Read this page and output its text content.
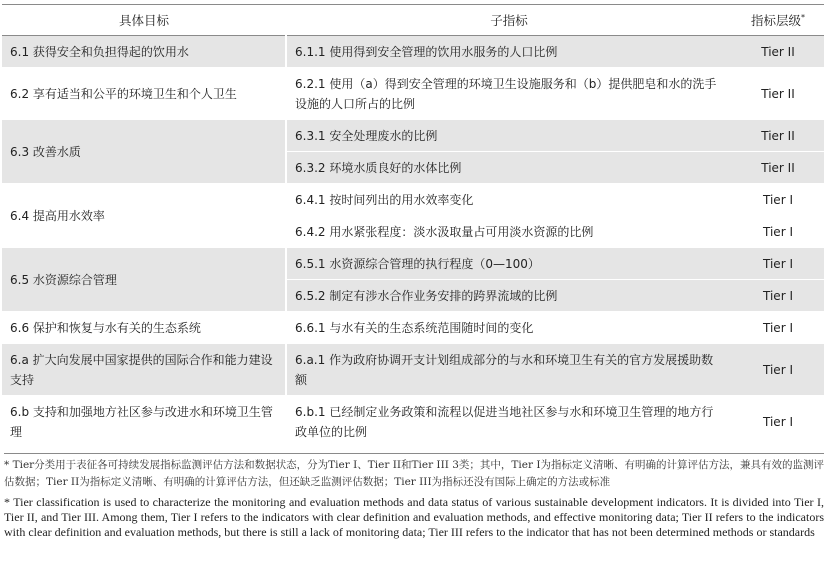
具体目标	子指标	指标层级*
6.1 获得安全和负担得起的饮用水	6.1.1 使用得到安全管理的饮用水服务的人口比例	Tier II
6.2 享有适当和公平的环境卫生和个人卫生	6.2.1 使用（a）得到安全管理的环境卫生设施服务和（b）提供肥皂和水的洗手设施的人口所占的比例	Tier II
6.3 改善水质	6.3.1 安全处理废水的比例	Tier II
	6.3.2 环境水质良好的水体比例	Tier II
6.4 提高用水效率	6.4.1 按时间列出的用水效率变化	Tier I
	6.4.2 用水紧张程度：淡水汲取量占可用淡水资源的比例	Tier I
6.5 水资源综合管理	6.5.1 水资源综合管理的执行程度（0—100）	Tier I
	6.5.2 制定有涉水合作业务安排的跨界流域的比例	Tier I
6.6 保护和恢复与水有关的生态系统	6.6.1 与水有关的生态系统范围随时间的变化	Tier I
6.a 扩大向发展中国家提供的国际合作和能力建设支持	6.a.1 作为政府协调开支计划组成部分的与水和环境卫生有关的官方发展援助数额	Tier I
6.b 支持和加强地方社区参与改进水和环境卫生管理	6.b.1 已经制定业务政策和流程以促进当地社区参与水和环境卫生管理的地方行政单位的比例	Tier I

* Tier分类用于表征各可持续发展指标监测评估方法和数据状态，分为Tier I、Tier II和Tier III 3类；其中，Tier I为指标定义清晰、有明确的计算评估方法，兼具有效的监测评估数据；Tier II为指标定义清晰、有明确的计算评估方法，但还缺乏监测评估数据；Tier III为指标还没有国际上确定的方法或标准

* Tier classification is used to characterize the monitoring and evaluation methods and data status of various sustainable development indicators. It is divided into Tier I, Tier II, and Tier III. Among them, Tier I refers to the indicators with clear definition and evaluation methods, and effective monitoring data; Tier II refers to the indicators with clear definition and evaluation methods, but there is still a lack of monitoring data; Tier III refers to the indicator that has not been determined methods or standards
